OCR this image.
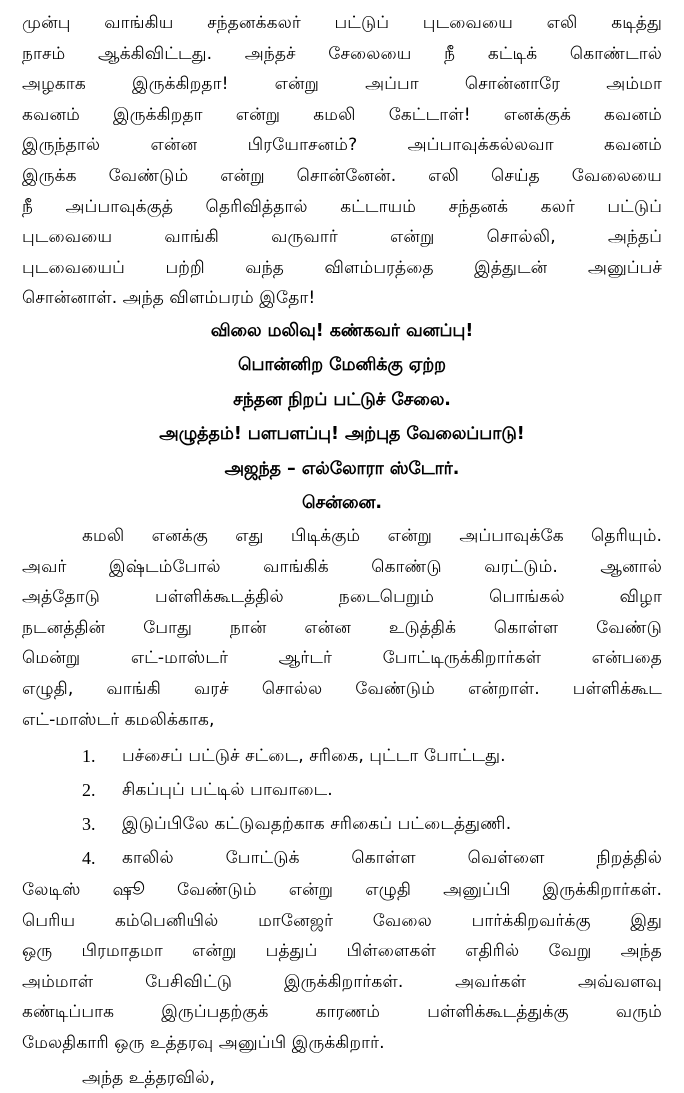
முன்பு வாங்கிய சந்தனக்கலர் பட்டுப் புடவையை எலி கடித்து
நாசம் ஆக்கிவிட்டது. அந்தச் சேலையை நீ கட்டிக் கொண்டால்
அழகாக இருக்கிறதா! என்று அப்பா சொன்னாரே அம்மா
கவனம் இருக்கிறதா என்று கமலி கேட்டாள்! எனக்குக் கவனம்
இருந்தால் என்ன பிரயோசனம்? அப்பாவுக்கல்லவா கவனம்
இருக்க வேண்டும் என்று சொன்னேன். எலி செய்த வேலையை
நீ அப்பாவுக்குத் தெரிவித்தால் கட்டாயம் சந்தனக் கலர் பட்டுப்
புடவையை வாங்கி வருவார் என்று சொல்லி, அந்தப்
புடவையைப் பற்றி வந்த விளம்பரத்தை இத்துடன் அனுப்பச்
சொன்னாள். அந்த விளம்பரம் இதோ!
விலை மலிவு! கண்கவர் வனப்பு!
பொன்னிற மேனிக்கு ஏற்ற
சந்தன நிறப் பட்டுச் சேலை.
அழுத்தம்! பளபளப்பு! அற்புத வேலைப்பாடு!
அஜந்த – எல்லோரா ஸ்டோர்.
சென்னை.
கமலி எனக்கு எது பிடிக்கும் என்று அப்பாவுக்கே தெரியும்.
அவர் இஷ்டம்போல் வாங்கிக் கொண்டு வரட்டும். ஆனால்
அத்தோடு பள்ளிக்கூடத்தில் நடைபெறும் பொங்கல் விழா
நடனத்தின் போது நான் என்ன உடுத்திக் கொள்ள வேண்டு
மென்று எட்-மாஸ்டர் ஆர்டர் போட்டிருக்கிறார்கள் என்பதை
எழுதி, வாங்கி வரச் சொல்ல வேண்டும் என்றாள். பள்ளிக்கூட
எட்-மாஸ்டர் கமலிக்காக,
1.	பச்சைப் பட்டுச் சட்டை, சரிகை, புட்டா போட்டது.
2.	சிகப்புப் பட்டில் பாவாடை.
3.	இடுப்பிலே கட்டுவதற்காக சரிகைப் பட்டைத்துணி.
4.	காலில் போட்டுக் கொள்ள வெள்ளை நிறத்தில்
லேடிஸ் ஷூ வேண்டும் என்று எழுதி அனுப்பி இருக்கிறார்கள்.
பெரிய கம்பெனியில் மானேஜர் வேலை பார்க்கிறவர்க்கு இது
ஒரு பிரமாதமா என்று பத்துப் பிள்ளைகள் எதிரில் வேறு அந்த
அம்மாள் பேசிவிட்டு இருக்கிறார்கள். அவர்கள் அவ்வளவு
கண்டிப்பாக இருப்பதற்குக் காரணம் பள்ளிக்கூடத்துக்கு வரும்
மேலதிகாரி ஒரு உத்தரவு அனுப்பி இருக்கிறார்.
அந்த உத்தரவில்,
